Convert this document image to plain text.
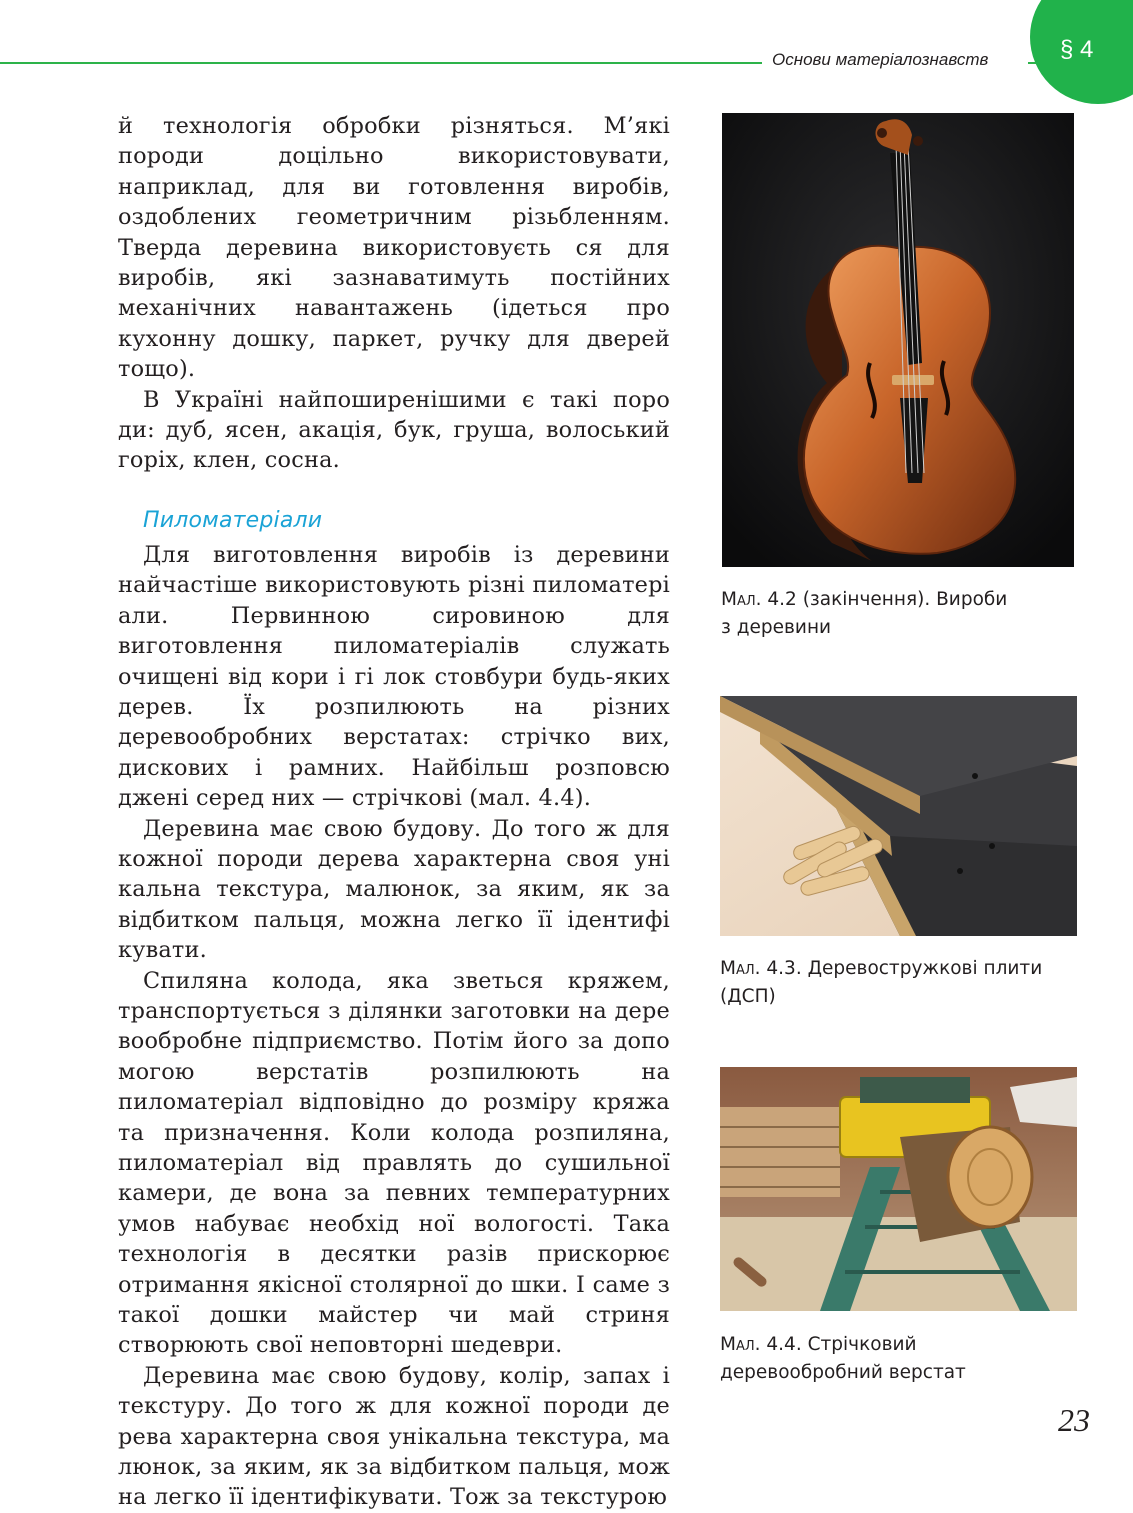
Основи матеріалознавств	§ 4

й технологія обробки різняться. М’які породи доцільно використовувати, наприклад, для ви готовлення виробів, оздоблених геометричним різьбленням. Тверда деревина використовуєть ся для виробів, які зазнаватимуть постійних механічних навантажень (ідеться про кухонну дошку, паркет, ручку для дверей тощо).

В Україні найпоширенішими є такі поро ди: дуб, ясен, акація, бук, груша, волоський горіх, клен, сосна.

Пиломатеріали

Для виготовлення виробів із деревини найчастіше використовують різні пиломатері али. Первинною сировиною для виготовлення пиломатеріалів служать очищені від кори і гі лок стовбури будь-яких дерев. Їх розпилюють на різних деревообробних верстатах: стрічко вих, дискових і рамних. Найбільш розповсю джені серед них — стрічкові (мал. 4.4).

Деревина має свою будову. До того ж для кожної породи дерева характерна своя уні кальна текстура, малюнок, за яким, як за відбитком пальця, можна легко її ідентифі кувати.

Спиляна колода, яка зветься кряжем, транспортується з ділянки заготовки на дере вообробне підприємство. Потім його за допо могою верстатів розпилюють на пиломатеріал відповідно до розміру кряжа та призначення. Коли колода розпиляна, пиломатеріал від правлять до сушильної камери, де вона за певних температурних умов набуває необхід ної вологості. Така технологія в десятки разів прискорює отримання якісної столярної до шки. І саме з такої дошки майстер чи май стриня створюють свої неповторні шедеври.

Деревина має свою будову, колір, запах і текстуру. До того ж для кожної породи де рева характерна своя унікальна текстура, ма люнок, за яким, як за відбитком пальця, мож на легко її ідентифікувати. Тож за текстурою

Мал. 4.2 (закінчення). Вироби
з деревини
Мал. 4.3. Деревостружкові плити
(ДСП)
Мал. 4.4. Стрічковий
деревообробний верстат
23
